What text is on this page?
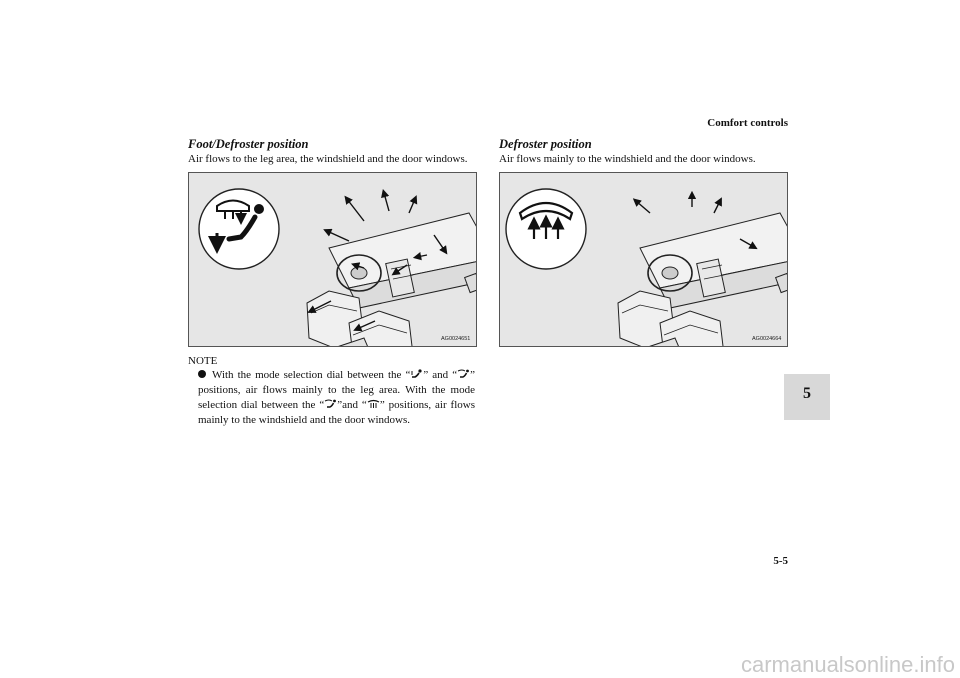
Comfort controls
Foot/Defroster position
Air flows to the leg area, the windshield and the door windows.
AG0024651
NOTE
With the mode selection dial between the “ ” and “ ” positions, air flows mainly to the leg area. With the mode selection dial between the “ ”and “ ” positions, air flows mainly to the windshield and the door windows.
Defroster position
Air flows mainly to the windshield and the door windows.
AG0024664
5
5-5
carmanualsonline.info
